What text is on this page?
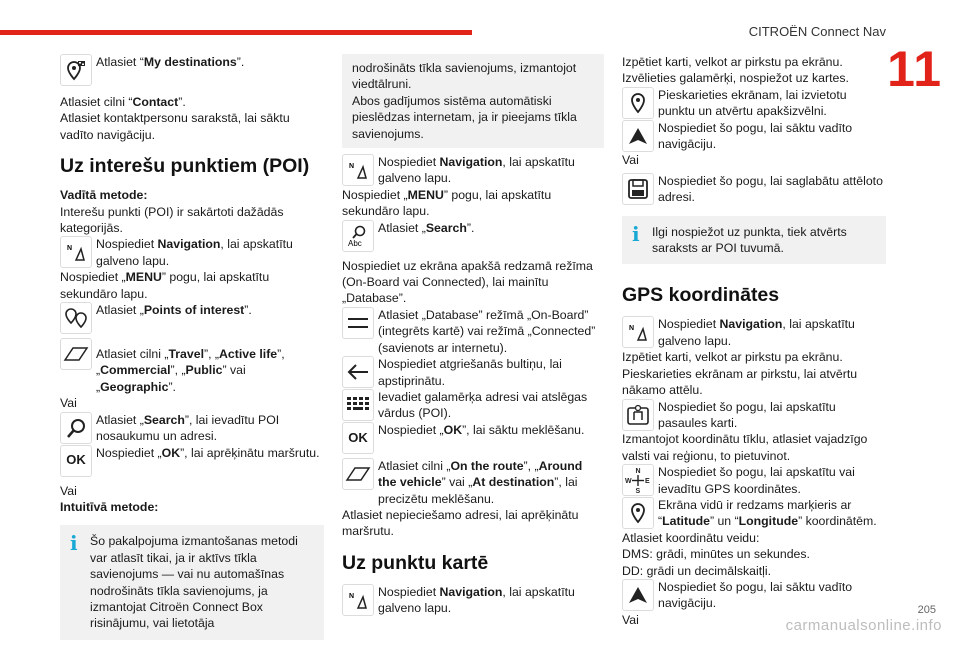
CITROËN Connect Nav
11

Atlasiet “My destinations”.

Atlasiet cilni “Contact”.

Atlasiet kontaktpersonu sarakstā, lai sāktu vadīto navigāciju.

Uz interešu punktiem (POI)

Vadītā metode:

Interešu punkti (POI) ir sakārtoti dažādās kategorijās.

N Nospiediet Navigation, lai apskatītu galveno lapu.

Nospiediet „MENU” pogu, lai apskatītu sekundāro lapu.

Atlasiet „Points of interest”.

Atlasiet cilni „Travel”, „Active life”, „Commercial”, „Public” vai „Geographic”.

Vai

Atlasiet „Search”, lai ievadītu POI nosaukumu un adresi.

OK Nospiediet „OK”, lai aprēķinātu maršrutu.

Vai

Intuitīvā metode:

i	Šo pakalpojuma izmantošanas metodi var atlasīt tikai, ja ir aktīvs tīkla savienojums — vai nu automašīnas nodrošināts tīkla savienojums, ja izmantojat Citroën Connect Box risinājumu, vai lietotāja
nodrošināts tīkla savienojums, izmantojot viedtālruni.
Abos gadījumos sistēma automātiski pieslēdzas internetam, ja ir pieejams tīkla savienojums.
N Nospiediet Navigation, lai apskatītu galveno lapu.

Nospiediet „MENU” pogu, lai apskatītu sekundāro lapu.

Abc

Atlasiet „Search”.

Nospiediet uz ekrāna apakšā redzamā režīma (On-Board vai Connected), lai mainītu „Database”.

Atlasiet „Database” režīmā „On-Board” (integrēts kartē) vai režīmā „Connected” (savienots ar internetu).

Nospiediet atgriešanās bultiņu, lai apstiprinātu.

Ievadiet galamērķa adresi vai atslēgas vārdus (POI).

OK Nospiediet „OK”, lai sāktu meklēšanu.

Atlasiet cilni „On the route”, „Around the vehicle” vai „At destination”, lai precizētu meklēšanu.

Atlasiet nepieciešamo adresi, lai aprēķinātu maršrutu.

Uz punktu kartē
N Nospiediet Navigation, lai apskatītu galveno lapu.

Izpētiet karti, velkot ar pirkstu pa ekrānu.

Izvēlieties galamērķi, nospiežot uz kartes.

Pieskarieties ekrānam, lai izvietotu punktu un atvērtu apakšizvēlni.

Nospiediet šo pogu, lai sāktu vadīto navigāciju.

Vai

Nospiediet šo pogu, lai saglabātu attēloto adresi.

i	Ilgi nospiežot uz punkta, tiek atvērts saraksts ar POI tuvumā.
GPS koordinātes
N Nospiediet Navigation, lai apskatītu galveno lapu.

Izpētiet karti, velkot ar pirkstu pa ekrānu.

Pieskarieties ekrānam ar pirkstu, lai atvērtu nākamo attēlu.

Nospiediet šo pogu, lai apskatītu pasaules karti.

Izmantojot koordinātu tīklu, atlasiet vajadzīgo valsti vai reģionu, to pietuvinot.

N
S
W E

Nospiediet šo pogu, lai apskatītu vai ievadītu GPS koordinātes.

Ekrāna vidū ir redzams marķieris ar “Latitude” un “Longitude” koordinātēm.

Atlasiet koordinātu veidu:

DMS: grādi, minūtes un sekundes.

DD: grādi un decimālskaitļi.

Nospiediet šo pogu, lai sāktu vadīto navigāciju.

Vai

205
carmanualsonline.info
